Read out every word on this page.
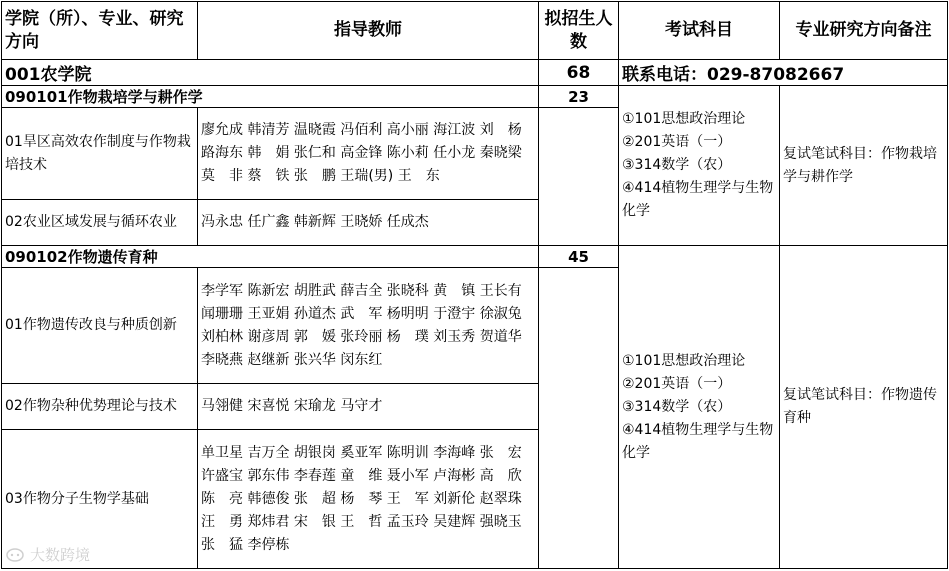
学院（所）、专业、研究方向	指导教师	拟招生人数	考试科目	专业研究方向备注
001农学院		68	联系电话：029-87082667	
090101作物栽培学与耕作学		23	①101思想政治理论
②201英语（一）
③314数学（农）
④414植物生理学与生物化学	复试笔试科目：作物栽培学与耕作学
01旱区高效农作制度与作物栽培技术	廖允成 韩清芳 温晓霞 冯佰利 高小丽 海江波 刘　杨 路海东 韩　娟 张仁和 高金锋 陈小莉 任小龙 秦晓梁 莫　非 蔡　铁 张　鹏 王瑞(男) 王　东			
02农业区域发展与循环农业	冯永忠 任广鑫 韩新辉 王晓娇 任成杰			
090102作物遗传育种		45	①101思想政治理论
②201英语（一）
③314数学（农）
④414植物生理学与生物化学	复试笔试科目：作物遗传育种
01作物遗传改良与种质创新	李学军 陈新宏 胡胜武 薛吉全 张晓科 黄　镇 王长有 闻珊珊 王亚娟 孙道杰 武　军 杨明明 于澄宇 徐淑兔 刘柏林 谢彦周 郭　媛 张玲丽 杨　璞 刘玉秀 贺道华 李晓燕 赵继新 张兴华 闵东红			
02作物杂种优势理论与技术	马翎健 宋喜悦 宋瑜龙 马守才			
03作物分子生物学基础	单卫星 吉万全 胡银岗 奚亚军 陈明训 李海峰 张　宏 许盛宝 郭东伟 李春莲 童　维 聂小军 卢海彬 高　欣 陈　亮 韩德俊 张　超 杨　琴 王　军 刘新伦 赵翠珠 汪　勇 郑炜君 宋　银 王　哲 孟玉玲 吴建辉 强晓玉 张　猛 李停栋			
大数跨境
